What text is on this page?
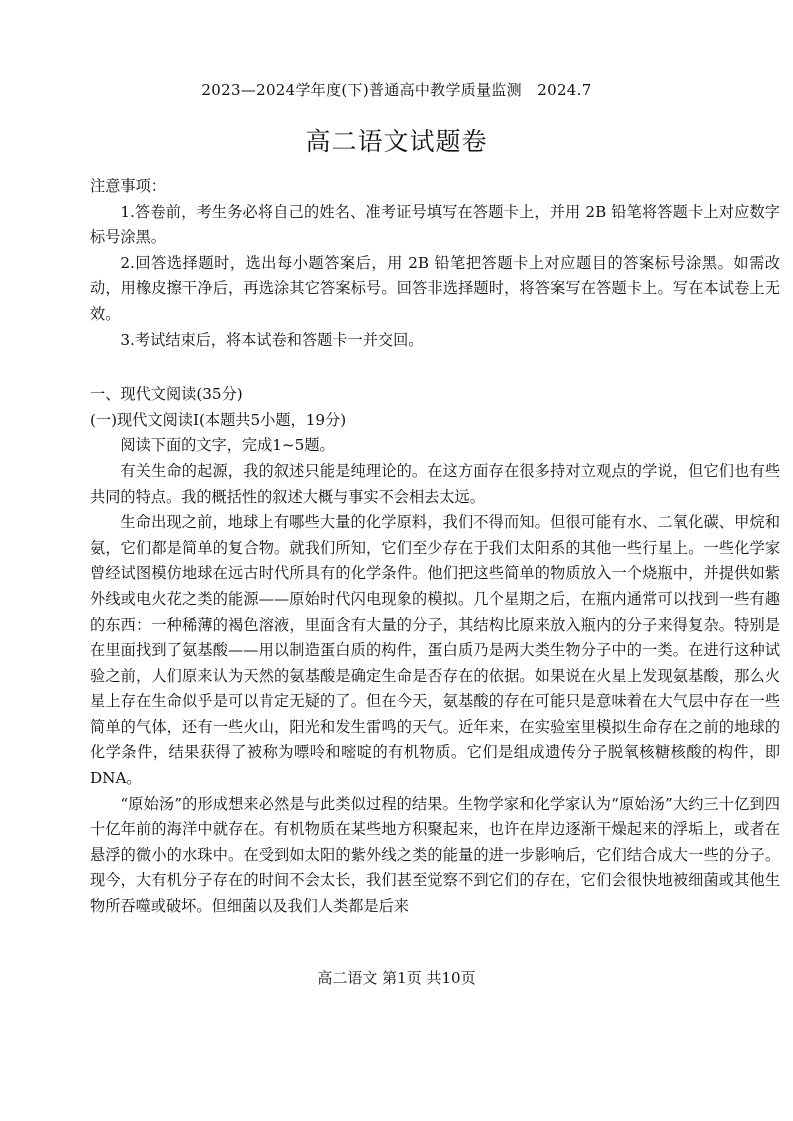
2023—2024学年度(下)普通高中教学质量监测　2024.7
高二语文试题卷

注意事项：

1.答卷前，考生务必将自己的姓名、准考证号填写在答题卡上，并用 2B 铅笔将答题卡上对应数字标号涂黑。

2.回答选择题时，选出每小题答案后，用 2B 铅笔把答题卡上对应题目的答案标号涂黑。如需改动，用橡皮擦干净后，再选涂其它答案标号。回答非选择题时，将答案写在答题卡上。写在本试卷上无效。

3.考试结束后，将本试卷和答题卡一并交回。

一、现代文阅读(35分)

(一)现代文阅读Ⅰ(本题共5小题，19分)

阅读下面的文字，完成1~5题。

有关生命的起源，我的叙述只能是纯理论的。在这方面存在很多持对立观点的学说，但它们也有些共同的特点。我的概括性的叙述大概与事实不会相去太远。

生命出现之前，地球上有哪些大量的化学原料，我们不得而知。但很可能有水、二氧化碳、甲烷和氨，它们都是简单的复合物。就我们所知，它们至少存在于我们太阳系的其他一些行星上。一些化学家曾经试图模仿地球在远古时代所具有的化学条件。他们把这些简单的物质放入一个烧瓶中，并提供如紫外线或电火花之类的能源——原始时代闪电现象的模拟。几个星期之后，在瓶内通常可以找到一些有趣的东西：一种稀薄的褐色溶液，里面含有大量的分子，其结构比原来放入瓶内的分子来得复杂。特别是在里面找到了氨基酸——用以制造蛋白质的构件，蛋白质乃是两大类生物分子中的一类。在进行这种试验之前，人们原来认为天然的氨基酸是确定生命是否存在的依据。如果说在火星上发现氨基酸，那么火星上存在生命似乎是可以肯定无疑的了。但在今天，氨基酸的存在可能只是意味着在大气层中存在一些简单的气体，还有一些火山，阳光和发生雷鸣的天气。近年来，在实验室里模拟生命存在之前的地球的化学条件，结果获得了被称为嘌呤和嘧啶的有机物质。它们是组成遗传分子脱氧核糖核酸的构件，即DNA。

“原始汤”的形成想来必然是与此类似过程的结果。生物学家和化学家认为“原始汤”大约三十亿到四十亿年前的海洋中就存在。有机物质在某些地方积聚起来，也许在岸边逐渐干燥起来的浮垢上，或者在悬浮的微小的水珠中。在受到如太阳的紫外线之类的能量的进一步影响后，它们结合成大一些的分子。现今，大有机分子存在的时间不会太长，我们甚至觉察不到它们的存在，它们会很快地被细菌或其他生物所吞噬或破坏。但细菌以及我们人类都是后来

高二语文 第1页 共10页
